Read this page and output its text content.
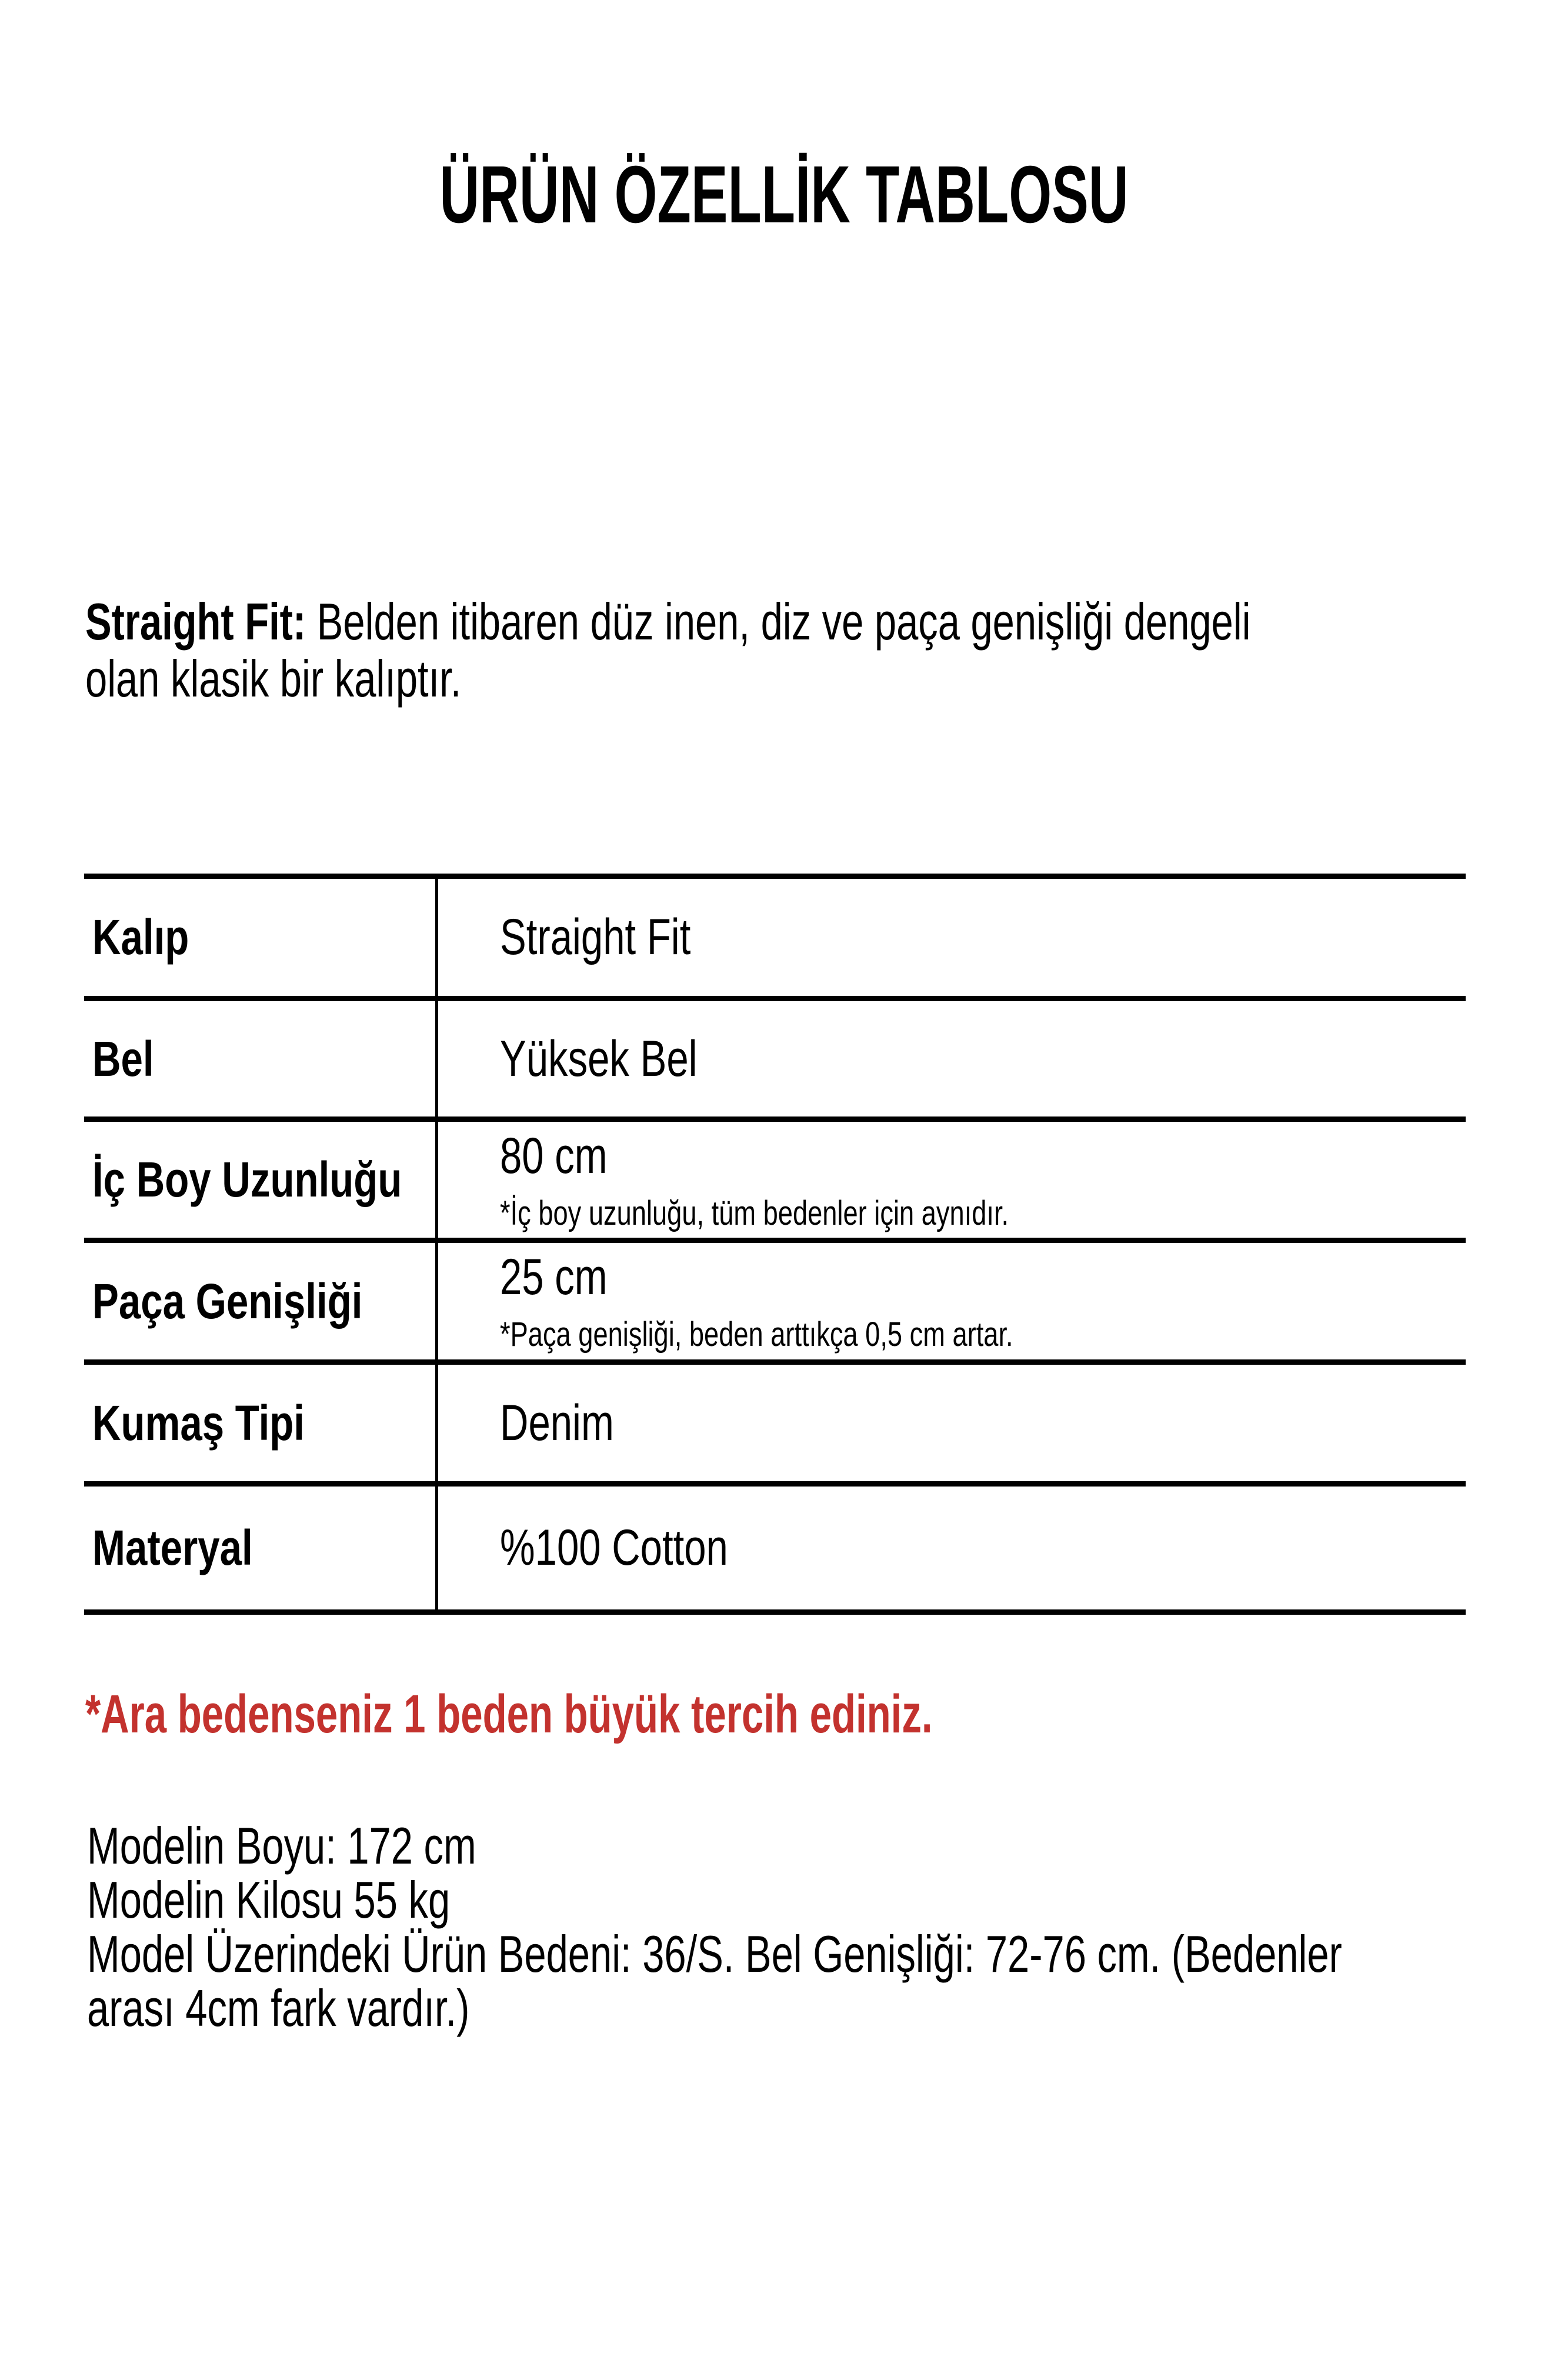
ÜRÜN ÖZELLİK TABLOSU
Straight Fit: Belden itibaren düz inen, diz ve paça genişliği dengeli
olan klasik bir kalıptır.
Kalıp	Straight Fit
Bel	Yüksek Bel
İç Boy Uzunluğu 80 cm
*İç boy uzunluğu, tüm bedenler için aynıdır.
Paça Genişliği	25 cm
*Paça genişliği, beden arttıkça 0,5 cm artar.
Kumaş Tipi	Denim
Materyal	%100 Cotton
*Ara bedenseniz 1 beden büyük tercih ediniz.
Modelin Boyu: 172 cm
Modelin Kilosu 55 kg
Model Üzerindeki Ürün Bedeni: 36/S. Bel Genişliği: 72-76 cm. (Bedenler
arası 4cm fark vardır.)
